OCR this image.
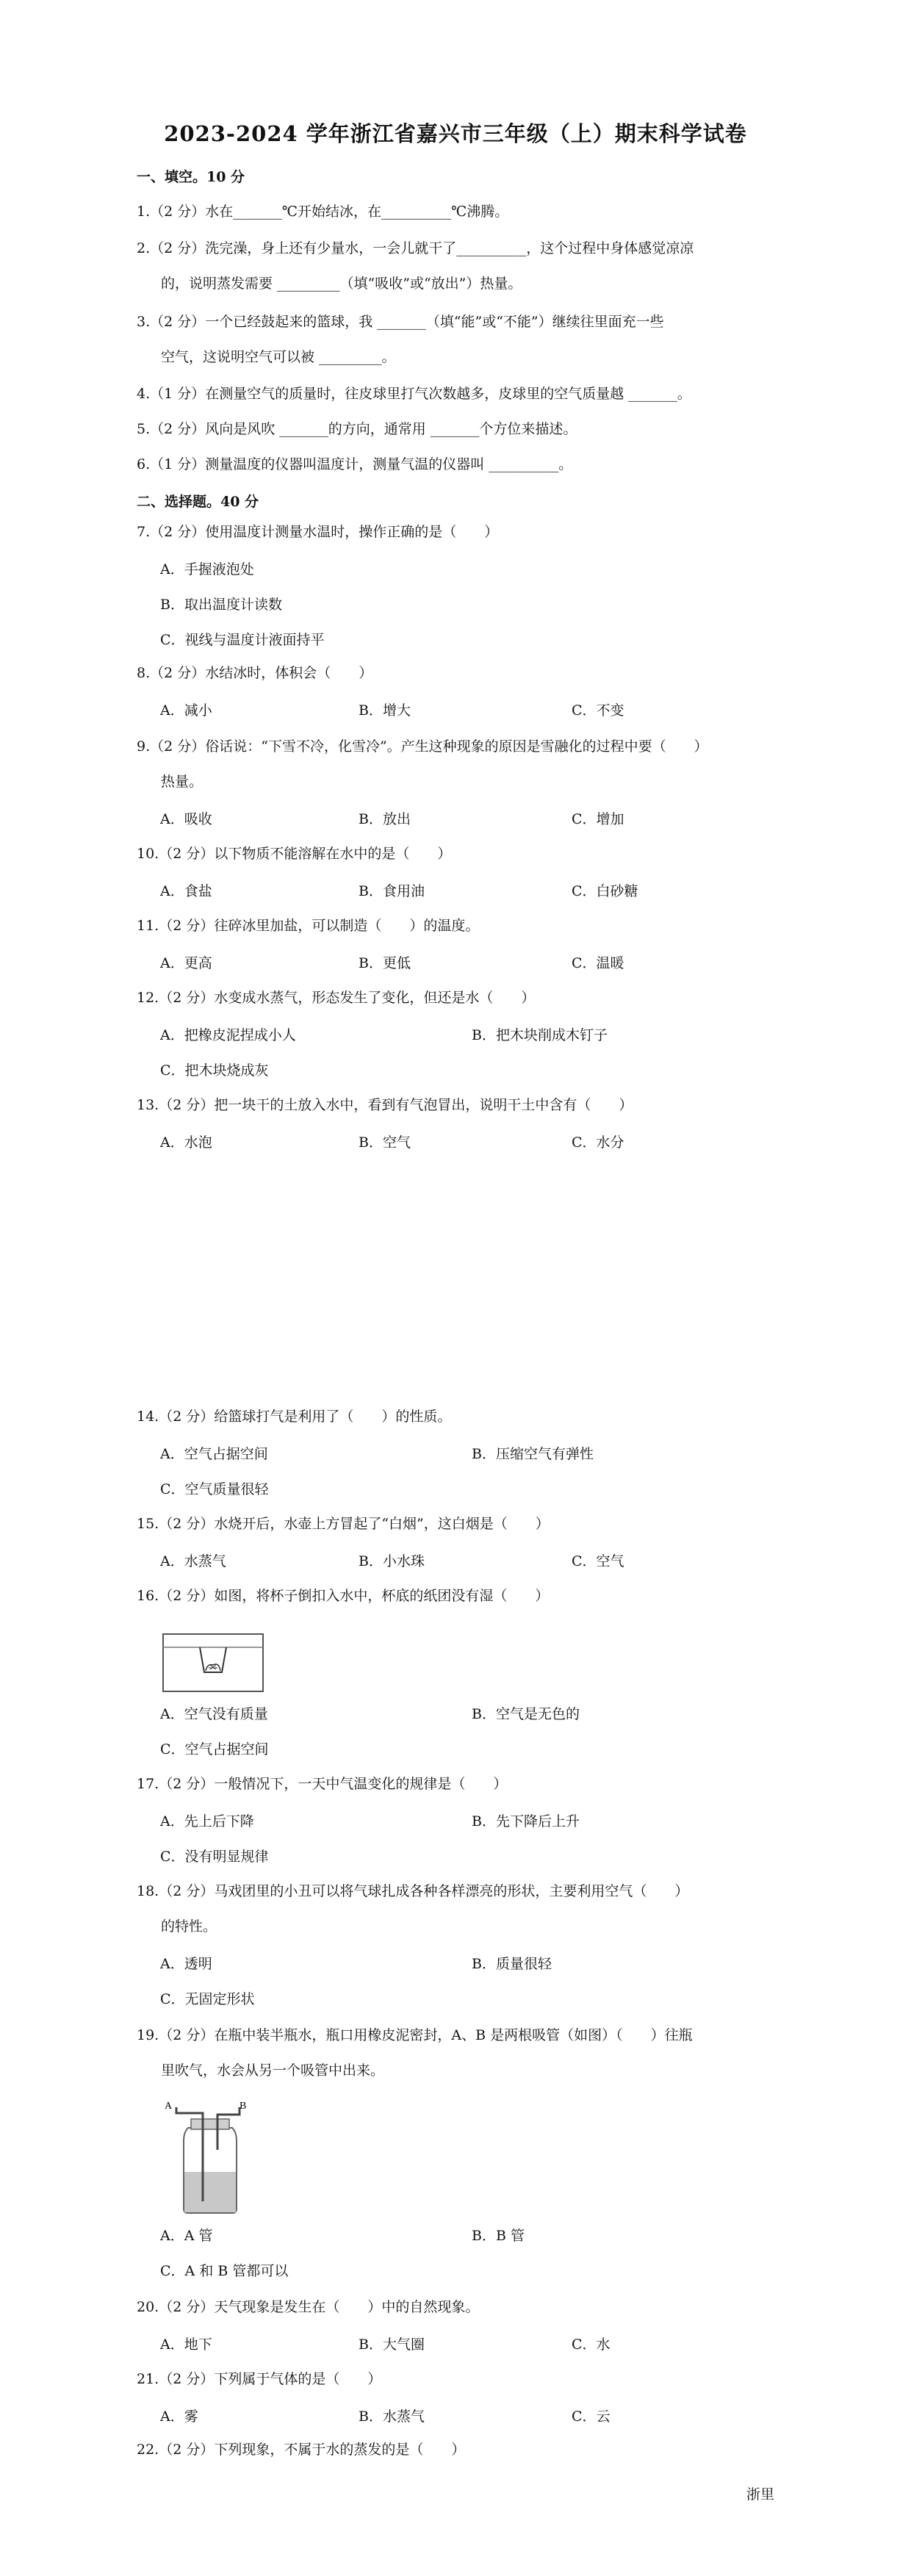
2023-2024 学年浙江省嘉兴市三年级（上）期末科学试卷
一、填空。10 分
1.（2 分）水在_______℃开始结冰，在__________℃沸腾。
2.（2 分）洗完澡，身上还有少量水，一会儿就干了__________，这个过程中身体感觉凉凉
的，说明蒸发需要 _________（填“吸收”或“放出”）热量。
3.（2 分）一个已经鼓起来的篮球，我 _______（填“能”或“不能”）继续往里面充一些
空气，这说明空气可以被 _________。
4.（1 分）在测量空气的质量时，往皮球里打气次数越多，皮球里的空气质量越 _______。
5.（2 分）风向是风吹 _______的方向，通常用 _______个方位来描述。
6.（1 分）测量温度的仪器叫温度计，测量气温的仪器叫 __________。
二、选择题。40 分
7.（2 分）使用温度计测量水温时，操作正确的是（　　）
A．手握液泡处
B．取出温度计读数
C．视线与温度计液面持平
8.（2 分）水结冰时，体积会（　　）
A．减小	B．增大	C．不变
9.（2 分）俗话说：“下雪不冷，化雪冷”。产生这种现象的原因是雪融化的过程中要（　　）
热量。
A．吸收	B．放出	C．增加
10.（2 分）以下物质不能溶解在水中的是（　　）
A．食盐	B．食用油	C．白砂糖
11.（2 分）往碎冰里加盐，可以制造（　　）的温度。
A．更高	B．更低	C．温暖
12.（2 分）水变成水蒸气，形态发生了变化，但还是水（　　）
A．把橡皮泥捏成小人	B．把木块削成木钉子
C．把木块烧成灰
13.（2 分）把一块干的土放入水中，看到有气泡冒出，说明干土中含有（　　）
A．水泡	B．空气	C．水分
14.（2 分）给篮球打气是利用了（　　）的性质。
A．空气占据空间	B．压缩空气有弹性
C．空气质量很轻
15.（2 分）水烧开后，水壶上方冒起了“白烟”，这白烟是（　　）
A．水蒸气	B．小水珠	C．空气
16.（2 分）如图，将杯子倒扣入水中，杯底的纸团没有湿（　　）
A．空气没有质量	B．空气是无色的
C．空气占据空间
17.（2 分）一般情况下，一天中气温变化的规律是（　　）
A．先上后下降	B．先下降后上升
C．没有明显规律
18.（2 分）马戏团里的小丑可以将气球扎成各种各样漂亮的形状，主要利用空气（　　）
的特性。
A．透明	B．质量很轻
C．无固定形状
19.（2 分）在瓶中装半瓶水，瓶口用橡皮泥密封，A、B 是两根吸管（如图）（　　）往瓶
里吹气，水会从另一个吸管中出来。
A	B
A．A 管	B．B 管
C．A 和 B 管都可以
20.（2 分）天气现象是发生在（　　）中的自然现象。
A．地下	B．大气圈	C．水
21.（2 分）下列属于气体的是（　　）
A．雾	B．水蒸气	C．云
22.（2 分）下列现象，不属于水的蒸发的是（　　）
浙里
